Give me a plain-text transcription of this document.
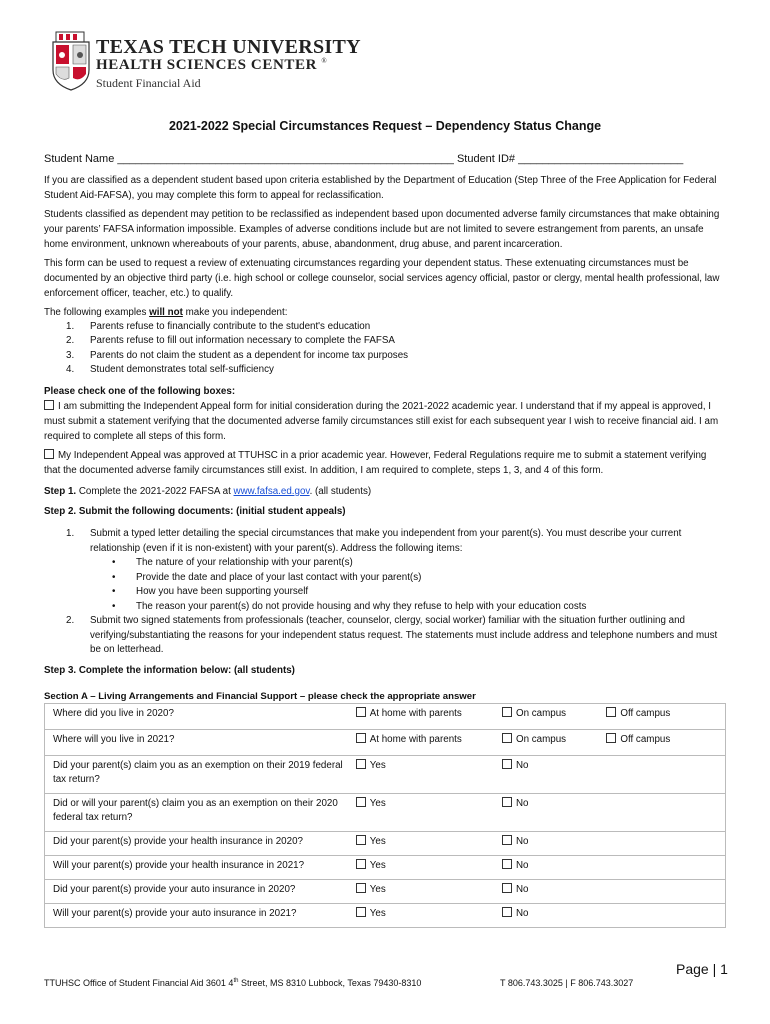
TEXAS TECH UNIVERSITY
HEALTH SCIENCES CENTER ®
Student Financial Aid
2021-2022 Special Circumstances Request – Dependency Status Change
Student Name _______________________________________________________ Student ID# ___________________________
If you are classified as a dependent student based upon criteria established by the Department of Education (Step Three of the Free Application for Federal Student Aid-FAFSA), you may complete this form to appeal for reclassification.
Students classified as dependent may petition to be reclassified as independent based upon documented adverse family circumstances that make obtaining your parents’ FAFSA information impossible. Examples of adverse conditions include but are not limited to severe estrangement from parents, an unsafe home environment, unknown whereabouts of your parents, abuse, abandonment, drug abuse, and parent incarceration.
This form can be used to request a review of extenuating circumstances regarding your dependent status. These extenuating circumstances must be documented by an objective third party (i.e. high school or college counselor, social services agency official, pastor or clergy, mental health professional, law enforcement officer, teacher, etc.) to qualify.
The following examples will not make you independent:
1. Parents refuse to financially contribute to the student's education
2. Parents refuse to fill out information necessary to complete the FAFSA
3. Parents do not claim the student as a dependent for income tax purposes
4. Student demonstrates total self-sufficiency
Please check one of the following boxes:
I am submitting the Independent Appeal form for initial consideration during the 2021-2022 academic year. I understand that if my appeal is approved, I must submit a statement verifying that the documented adverse family circumstances still exist for each subsequent year I wish to receive financial aid. I am required to complete all steps of this form.
My Independent Appeal was approved at TTUHSC in a prior academic year. However, Federal Regulations require me to submit a statement verifying that the documented adverse family circumstances still exist. In addition, I am required to complete, steps 1, 3, and 4 of this form.
Step 1. Complete the 2021-2022 FAFSA at www.fafsa.ed.gov. (all students)
Step 2. Submit the following documents: (initial student appeals)
1.	Submit a typed letter detailing the special circumstances that make you independent from your parent(s). You must describe your current relationship (even if it is non-existent) with your parent(s). Address the following items:
• The nature of your relationship with your parent(s)
• Provide the date and place of your last contact with your parent(s)
• How you have been supporting yourself
• The reason your parent(s) do not provide housing and why they refuse to help with your education costs
2.	Submit two signed statements from professionals (teacher, counselor, clergy, social worker) familiar with the situation further outlining and verifying/substantiating the reasons for your independent status request. The statements must include address and telephone numbers and must be on letterhead.
Step 3. Complete the information below: (all students)
Section A – Living Arrangements and Financial Support – please check the appropriate answer
Where did you live in 2020?	At home with parents	On campus	Off campus
Where will you live in 2021?	At home with parents	On campus	Off campus
Did your parent(s) claim you as an exemption on their 2019 federal tax return?	Yes	No	
Did or will your parent(s) claim you as an exemption on their 2020 federal tax return?	Yes	No	
Did your parent(s) provide your health insurance in 2020?	Yes	No	
Will your parent(s) provide your health insurance in 2021?	Yes	No	
Did your parent(s) provide your auto insurance in 2020?	Yes	No	
Will your parent(s) provide your auto insurance in 2021?	Yes	No	
Page | 1
TTUHSC Office of Student Financial Aid 3601 4th Street, MS 8310 Lubbock, Texas 79430-8310	T 806.743.3025 | F 806.743.3027
